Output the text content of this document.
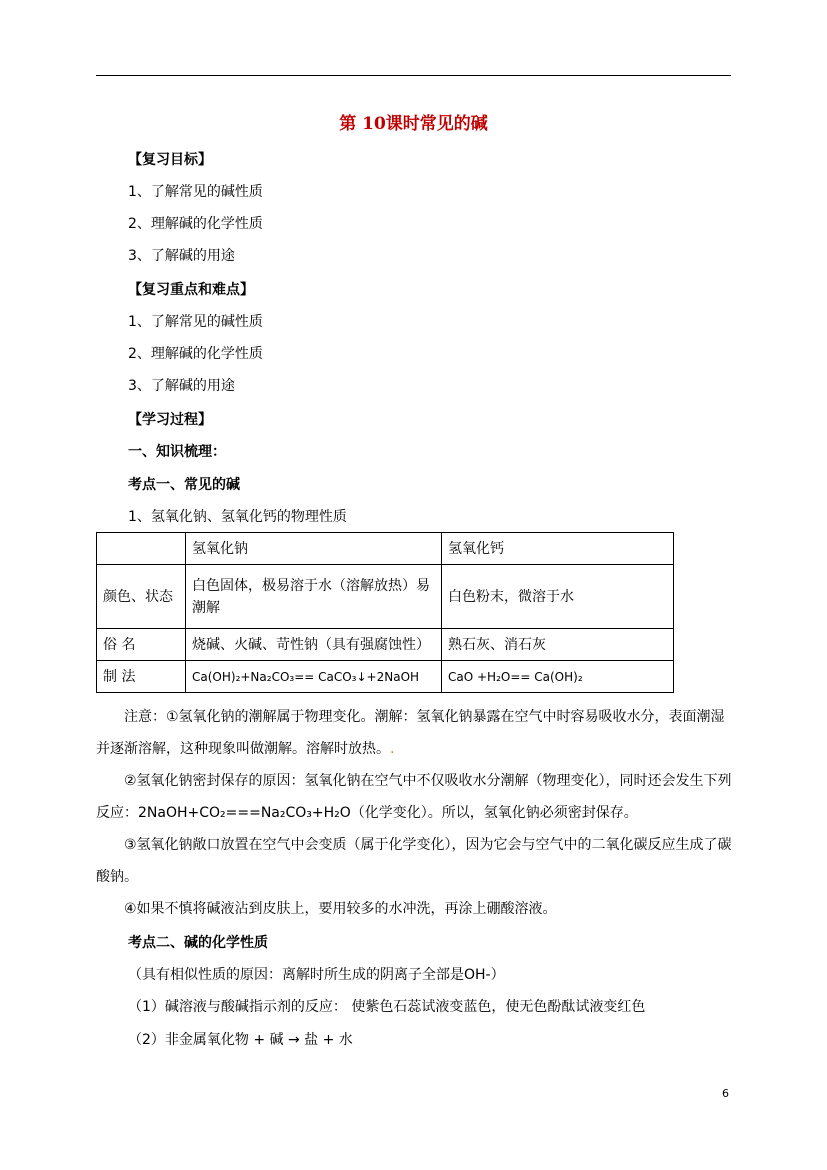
第 10课时常见的碱
【复习目标】
1、了解常见的碱性质
2、理解碱的化学性质
3、了解碱的用途
【复习重点和难点】
1、了解常见的碱性质
2、理解碱的化学性质
3、了解碱的用途
【学习过程】
一、知识梳理：
考点一、常见的碱
1、氢氧化钠、氢氧化钙的物理性质
	氢氧化钠	氢氧化钙
颜色、状态	白色固体，极易溶于水（溶解放热）易潮解	白色粉末，微溶于水
俗 名	烧碱、火碱、苛性钠（具有强腐蚀性）	熟石灰、消石灰
制 法	Ca(OH)₂+Na₂CO₃== CaCO₃↓+2NaOH	CaO +H₂O== Ca(OH)₂
注意：①氢氧化钠的潮解属于物理变化。潮解：氢氧化钠暴露在空气中时容易吸收水分，表面潮湿并逐渐溶解，这种现象叫做潮解。溶解时放热。.
②氢氧化钠密封保存的原因：氢氧化钠在空气中不仅吸收水分潮解（物理变化），同时还会发生下列反应：2NaOH+CO₂===Na₂CO₃+H₂O（化学变化）。所以，氢氧化钠必须密封保存。
③氢氧化钠敞口放置在空气中会变质（属于化学变化），因为它会与空气中的二氧化碳反应生成了碳酸钠。
④如果不慎将碱液沾到皮肤上，要用较多的水冲洗，再涂上硼酸溶液。
考点二、碱的化学性质
（具有相似性质的原因：离解时所生成的阴离子全部是OH-）
（1）碱溶液与酸碱指示剂的反应： 使紫色石蕊试液变蓝色，使无色酚酞试液变红色
（2）非金属氧化物 + 碱 → 盐 + 水
6
